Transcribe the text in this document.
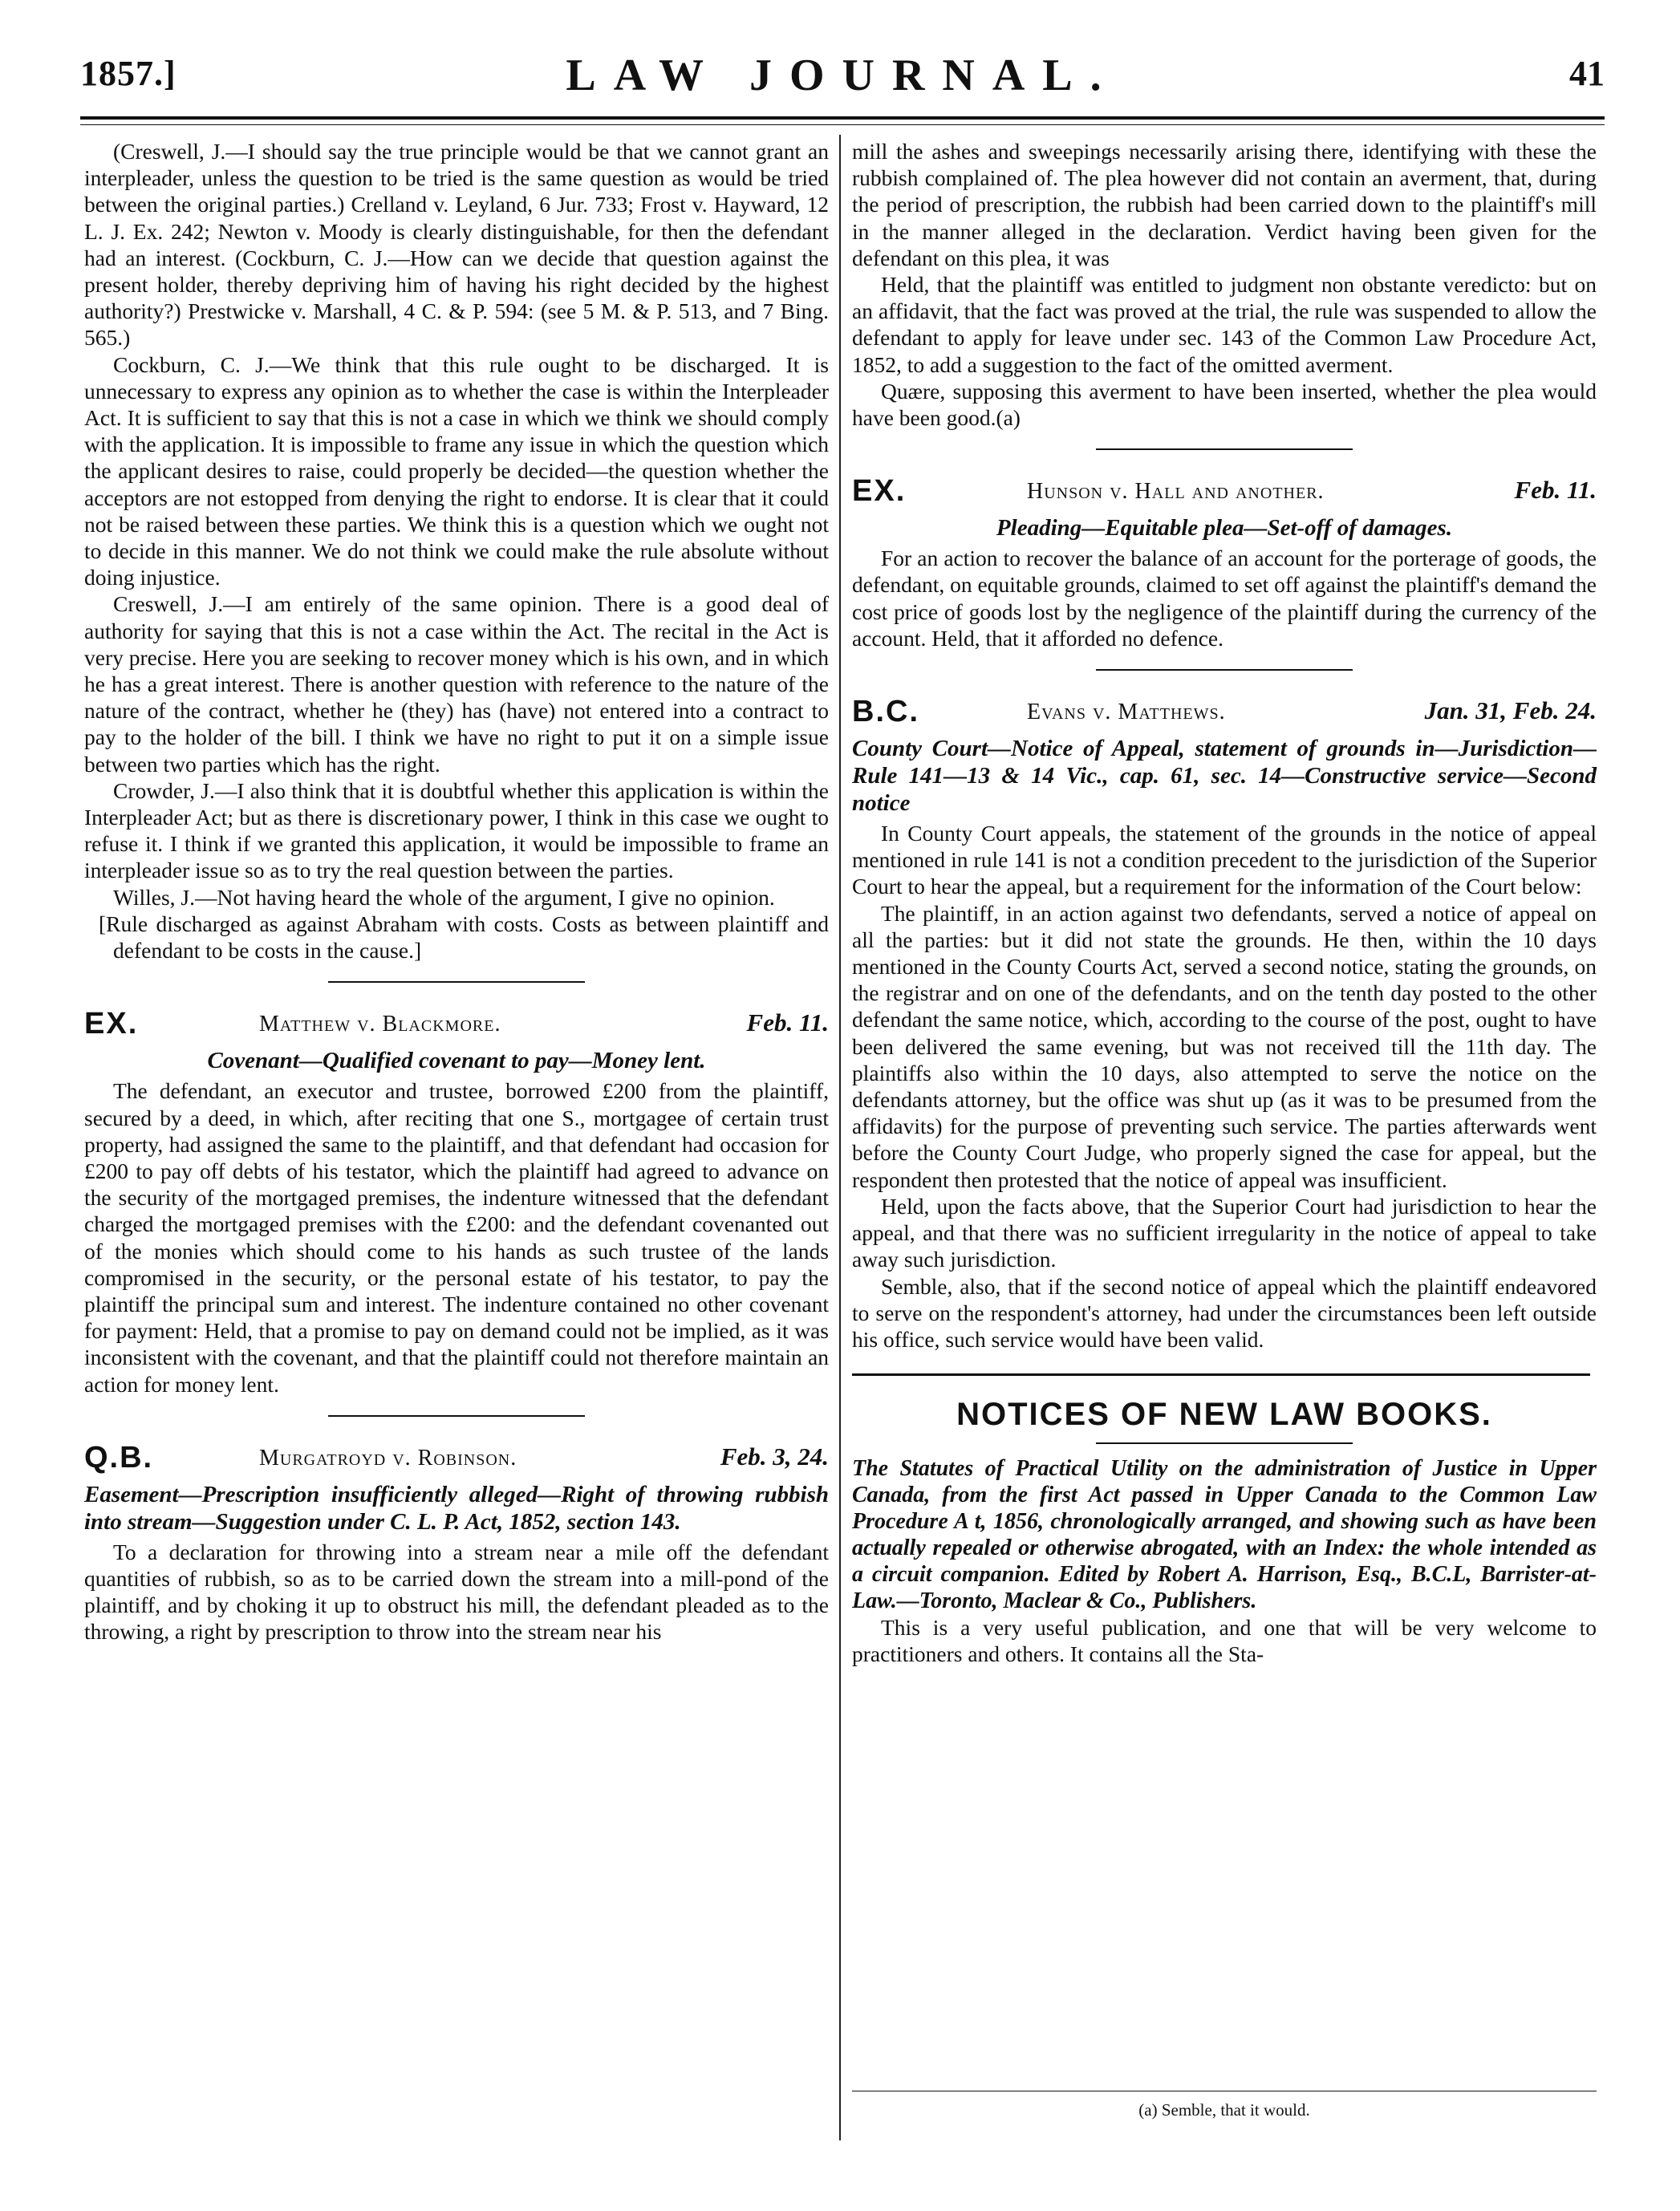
1857.]	LAW JOURNAL.	41

(Creswell, J.—I should say the true principle would be that we cannot grant an interpleader, unless the question to be tried is the same question as would be tried between the original parties.) Crelland v. Leyland, 6 Jur. 733; Frost v. Hayward, 12 L. J. Ex. 242; Newton v. Moody is clearly distinguishable, for then the defendant had an interest. (Cockburn, C. J.—How can we decide that question against the present holder, thereby depriving him of having his right decided by the highest authority?) Prestwicke v. Marshall, 4 C. & P. 594: (see 5 M. & P. 513, and 7 Bing. 565.)

Cockburn, C. J.—We think that this rule ought to be discharged. It is unnecessary to express any opinion as to whether the case is within the Interpleader Act. It is sufficient to say that this is not a case in which we think we should comply with the application. It is impossible to frame any issue in which the question which the applicant desires to raise, could properly be decided—the question whether the acceptors are not estopped from denying the right to endorse. It is clear that it could not be raised between these parties. We think this is a question which we ought not to decide in this manner. We do not think we could make the rule absolute without doing injustice.

Creswell, J.—I am entirely of the same opinion. There is a good deal of authority for saying that this is not a case within the Act. The recital in the Act is very precise. Here you are seeking to recover money which is his own, and in which he has a great interest. There is another question with reference to the nature of the nature of the contract, whether he (they) has (have) not entered into a contract to pay to the holder of the bill. I think we have no right to put it on a simple issue between two parties which has the right.

Crowder, J.—I also think that it is doubtful whether this application is within the Interpleader Act; but as there is discretionary power, I think in this case we ought to refuse it. I think if we granted this application, it would be impossible to frame an interpleader issue so as to try the real question between the parties.

Willes, J.—Not having heard the whole of the argument, I give no opinion.

[Rule discharged as against Abraham with costs. Costs as between plaintiff and defendant to be costs in the cause.]

EX.	Matthew v. Blackmore.	Feb. 11.
Covenant—Qualified covenant to pay—Money lent.

The defendant, an executor and trustee, borrowed £200 from the plaintiff, secured by a deed, in which, after reciting that one S., mortgagee of certain trust property, had assigned the same to the plaintiff, and that defendant had occasion for £200 to pay off debts of his testator, which the plaintiff had agreed to advance on the security of the mortgaged premises, the indenture witnessed that the defendant charged the mortgaged premises with the £200: and the defendant covenanted out of the monies which should come to his hands as such trustee of the lands compromised in the security, or the personal estate of his testator, to pay the plaintiff the principal sum and interest. The indenture contained no other covenant for payment: Held, that a promise to pay on demand could not be implied, as it was inconsistent with the covenant, and that the plaintiff could not therefore maintain an action for money lent.

Q.B.	Murgatroyd v. Robinson.	Feb. 3, 24.
Easement—Prescription insufficiently alleged—Right of throwing rubbish into stream—Suggestion under C. L. P. Act, 1852, section 143.

To a declaration for throwing into a stream near a mile off the defendant quantities of rubbish, so as to be carried down the stream into a mill-pond of the plaintiff, and by choking it up to obstruct his mill, the defendant pleaded as to the throwing, a right by prescription to throw into the stream near his

mill the ashes and sweepings necessarily arising there, identifying with these the rubbish complained of. The plea however did not contain an averment, that, during the period of prescription, the rubbish had been carried down to the plaintiff's mill in the manner alleged in the declaration. Verdict having been given for the defendant on this plea, it was

Held, that the plaintiff was entitled to judgment non obstante veredicto: but on an affidavit, that the fact was proved at the trial, the rule was suspended to allow the defendant to apply for leave under sec. 143 of the Common Law Procedure Act, 1852, to add a suggestion to the fact of the omitted averment.

Quære, supposing this averment to have been inserted, whether the plea would have been good.(a)

EX.	Hunson v. Hall and another.	Feb. 11.
Pleading—Equitable plea—Set-off of damages.

For an action to recover the balance of an account for the porterage of goods, the defendant, on equitable grounds, claimed to set off against the plaintiff's demand the cost price of goods lost by the negligence of the plaintiff during the currency of the account. Held, that it afforded no defence.

B.C.	Evans v. Matthews.	Jan. 31, Feb. 24.
County Court—Notice of Appeal, statement of grounds in—Jurisdiction—Rule 141—13 & 14 Vic., cap. 61, sec. 14—Constructive service—Second notice

In County Court appeals, the statement of the grounds in the notice of appeal mentioned in rule 141 is not a condition precedent to the jurisdiction of the Superior Court to hear the appeal, but a requirement for the information of the Court below:

The plaintiff, in an action against two defendants, served a notice of appeal on all the parties: but it did not state the grounds. He then, within the 10 days mentioned in the County Courts Act, served a second notice, stating the grounds, on the registrar and on one of the defendants, and on the tenth day posted to the other defendant the same notice, which, according to the course of the post, ought to have been delivered the same evening, but was not received till the 11th day. The plaintiffs also within the 10 days, also attempted to serve the notice on the defendants attorney, but the office was shut up (as it was to be presumed from the affidavits) for the purpose of preventing such service. The parties afterwards went before the County Court Judge, who properly signed the case for appeal, but the respondent then protested that the notice of appeal was insufficient.

Held, upon the facts above, that the Superior Court had jurisdiction to hear the appeal, and that there was no sufficient irregularity in the notice of appeal to take away such jurisdiction.

Semble, also, that if the second notice of appeal which the plaintiff endeavored to serve on the respondent's attorney, had under the circumstances been left outside his office, such service would have been valid.

NOTICES OF NEW LAW BOOKS.

The Statutes of Practical Utility on the administration of Justice in Upper Canada, from the first Act passed in Upper Canada to the Common Law Procedure A t, 1856, chronologically arranged, and showing such as have been actually repealed or otherwise abrogated, with an Index: the whole intended as a circuit companion. Edited by Robert A. Harrison, Esq., B.C.L, Barrister-at-Law.—Toronto, Maclear & Co., Publishers.

This is a very useful publication, and one that will be very welcome to practitioners and others. It contains all the Sta-

(a) Semble, that it would.
